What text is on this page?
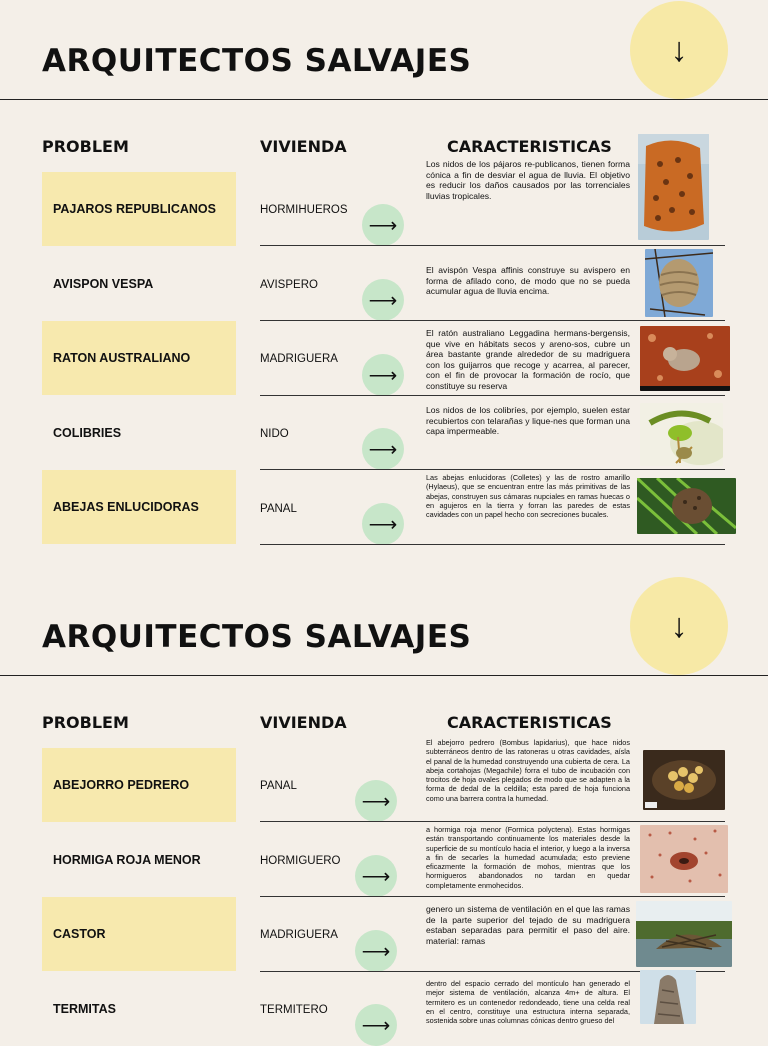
ARQUITECTOS SALVAJES	↓
PROBLEM	VIVIENDA	CARACTERISTICAS
PAJAROS REPUBLICANOS	HORMIHUEROS
⟶
Los nidos de los pájaros re-publicanos, tienen forma cónica a fin de desviar el agua de lluvia. El objetivo es reducir los daños causados por las torrenciales lluvias tropicales.
AVISPON VESPA	AVISPERO
⟶
El avispón Vespa affinis construye su avispero en forma de afilado cono, de modo que no se pueda acumular agua de lluvia encima.
RATON AUSTRALIANO	MADRIGUERA
⟶
El ratón australiano Leggadina hermans-bergensis, que vive en hábitats secos y areno-sos, cubre un área bastante grande alrededor de su madriguera con los guijarros que recoge y acarrea, al parecer, con el fin de provocar la formación de rocío, que constituye su reserva
COLIBRIES	NIDO
⟶
Los nidos de los colibríes, por ejemplo, suelen estar recubiertos con telarañas y lique-nes que forman una capa impermeable.
ABEJAS ENLUCIDORAS	PANAL
⟶
Las abejas enlucidoras (Colletes) y las de rostro amarillo (Hylaeus), que se encuentran entre las más primitivas de las abejas, construyen sus cámaras nupciales en ramas huecas o en agujeros en la tierra y forran las paredes de estas cavidades con un papel hecho con secreciones bucales.
ARQUITECTOS SALVAJES	↓
PROBLEM	VIVIENDA	CARACTERISTICAS
ABEJORRO PEDRERO	PANAL
⟶
El abejorro pedrero (Bombus lapidarius), que hace nidos subterráneos dentro de las ratoneras u otras cavidades, aísla el panal de la humedad construyendo una cubierta de cera. La abeja cortahojas (Megachile) forra el tubo de incubación con trocitos de hoja ovales plegados de modo que se adapten a la forma de dedal de la celdilla; esta pared de hoja funciona como una barrera contra la humedad.
HORMIGA ROJA MENOR	HORMIGUERO
⟶
a hormiga roja menor (Formica polyctena). Estas hormigas están transportando continuamente los materiales desde la superficie de su montículo hacia el interior, y luego a la inversa a fin de secarles la humedad acumulada; esto previene eficazmente la formación de mohos, mientras que los hormigueros abandonados no tardan en quedar completamente enmohecidos.
CASTOR	MADRIGUERA
⟶
genero un sistema de ventilación en el que las ramas de la parte superior del tejado de su madriguera estaban separadas para permitir el paso del aire. material: ramas
TERMITAS	TERMITERO
⟶
dentro del espacio cerrado del montículo han generado el mejor sistema de ventilación, alcanza 4m+ de altura. El termitero es un contenedor redondeado, tiene una celda real en el centro, constituye una estructura interna separada, sostenida sobre unas columnas cónicas dentro grueso del
